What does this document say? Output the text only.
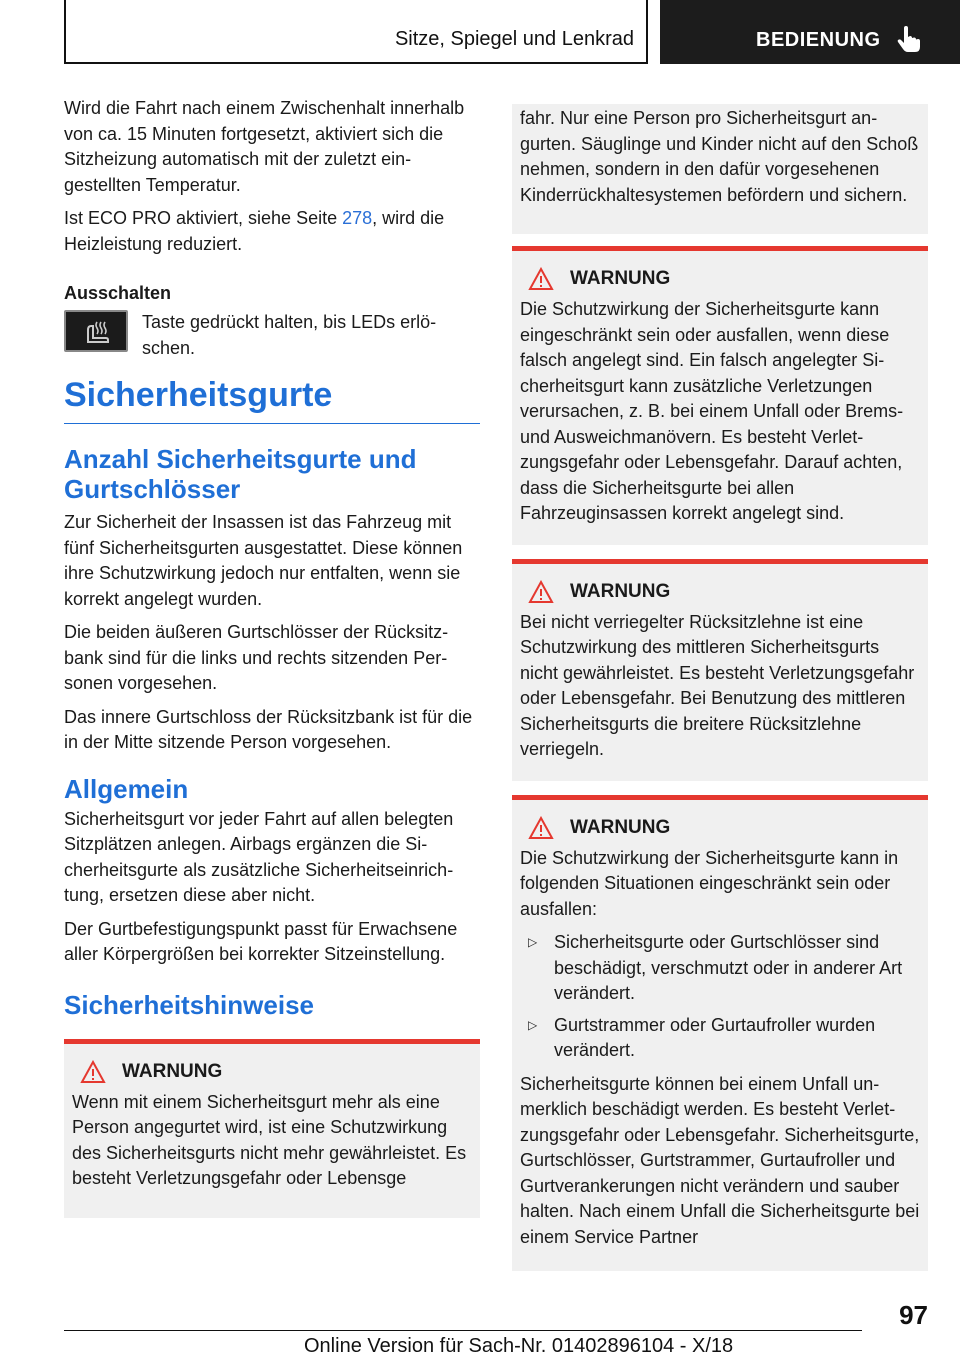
Sitze, Spiegel und Lenkrad	BEDIENUNG

Wird die Fahrt nach einem Zwischenhalt innerhalb von ca. 15 Minuten fortgesetzt, aktiviert sich die Sitzheizung automatisch mit der zuletzt eingestellten Temperatur.

Ist ECO PRO aktiviert, siehe Seite 278, wird die Heizleistung reduziert.

Ausschalten
Taste gedrückt halten, bis LEDs erlöschen.
Sicherheitsgurte
Anzahl Sicherheitsgurte und Gurtschlösser

Zur Sicherheit der Insassen ist das Fahrzeug mit fünf Sicherheitsgurten ausgestattet. Diese können ihre Schutzwirkung jedoch nur entfalten, wenn sie korrekt angelegt wurden.

Die beiden äußeren Gurtschlösser der Rücksitzbank sind für die links und rechts sitzenden Personen vorgesehen.

Das innere Gurtschloss der Rücksitzbank ist für die in der Mitte sitzende Person vorgesehen.

Allgemein

Sicherheitsgurt vor jeder Fahrt auf allen belegten Sitzplätzen anlegen. Airbags ergänzen die Sicherheitsgurte als zusätzliche Sicherheitseinrichtung, ersetzen diese aber nicht.

Der Gurtbefestigungspunkt passt für Erwachsene aller Körpergrößen bei korrekter Sitzeinstellung.

Sicherheitshinweise
WARNUNG

Wenn mit einem Sicherheitsgurt mehr als eine Person angegurtet wird, ist eine Schutzwirkung des Sicherheitsgurts nicht mehr gewährleistet. Es besteht Verletzungsgefahr oder Lebensge

fahr. Nur eine Person pro Sicherheitsgurt angurten. Säuglinge und Kinder nicht auf den Schoß nehmen, sondern in den dafür vorgesehenen Kinderrückhaltesystemen befördern und sichern.

WARNUNG

Die Schutzwirkung der Sicherheitsgurte kann eingeschränkt sein oder ausfallen, wenn diese falsch angelegt sind. Ein falsch angelegter Sicherheitsgurt kann zusätzliche Verletzungen verursachen, z. B. bei einem Unfall oder Brems- und Ausweichmanövern. Es besteht Verletzungsgefahr oder Lebensgefahr. Darauf achten, dass die Sicherheitsgurte bei allen Fahrzeuginsassen korrekt angelegt sind.

WARNUNG

Bei nicht verriegelter Rücksitzlehne ist eine Schutzwirkung des mittleren Sicherheitsgurts nicht gewährleistet. Es besteht Verletzungsgefahr oder Lebensgefahr. Bei Benutzung des mittleren Sicherheitsgurts die breitere Rücksitzlehne verriegeln.

WARNUNG

Die Schutzwirkung der Sicherheitsgurte kann in folgenden Situationen eingeschränkt sein oder ausfallen:

▷ Sicherheitsgurte oder Gurtschlösser sind beschädigt, verschmutzt oder in anderer Art verändert.
▷ Gurtstrammer oder Gurtaufroller wurden verändert.

Sicherheitsgurte können bei einem Unfall unmerklich beschädigt werden. Es besteht Verletzungsgefahr oder Lebensgefahr. Sicherheitsgurte, Gurtschlösser, Gurtstrammer, Gurtaufroller und Gurtverankerungen nicht verändern und sauber halten. Nach einem Unfall die Sicherheitsgurte bei einem Service Partner

97
Online Version für Sach-Nr. 01402896104 - X/18
